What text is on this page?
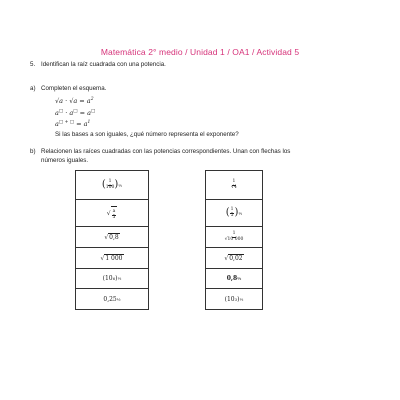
Matemática 2° medio / Unidad 1 / OA1 / Actividad 5
5. Identifican la raíz cuadrada con una potencia.
a) Completen el esquema.
$√a \cdot √a = a^2$
a□ · a□ = a□
$a^{□ + □} = a^1$
Si las bases a son iguales, ¿qué número representa el exponente?
b) Relacionen las raíces cuadradas con las potencias correspondientes. Unan con flechas los
números iguales.
( $\frac{1}{100}$ ) ½
√ $\frac{a}{5}$
√ 0,8
√ 1 000
(10 6 ) ½
0,25 ½
$\frac{1}{√4}$
( $\frac{1}{5}$ ) ½
$\frac{1}{√10 000}$
√ 0,02
0,8 ½
(10 3 ) ½
